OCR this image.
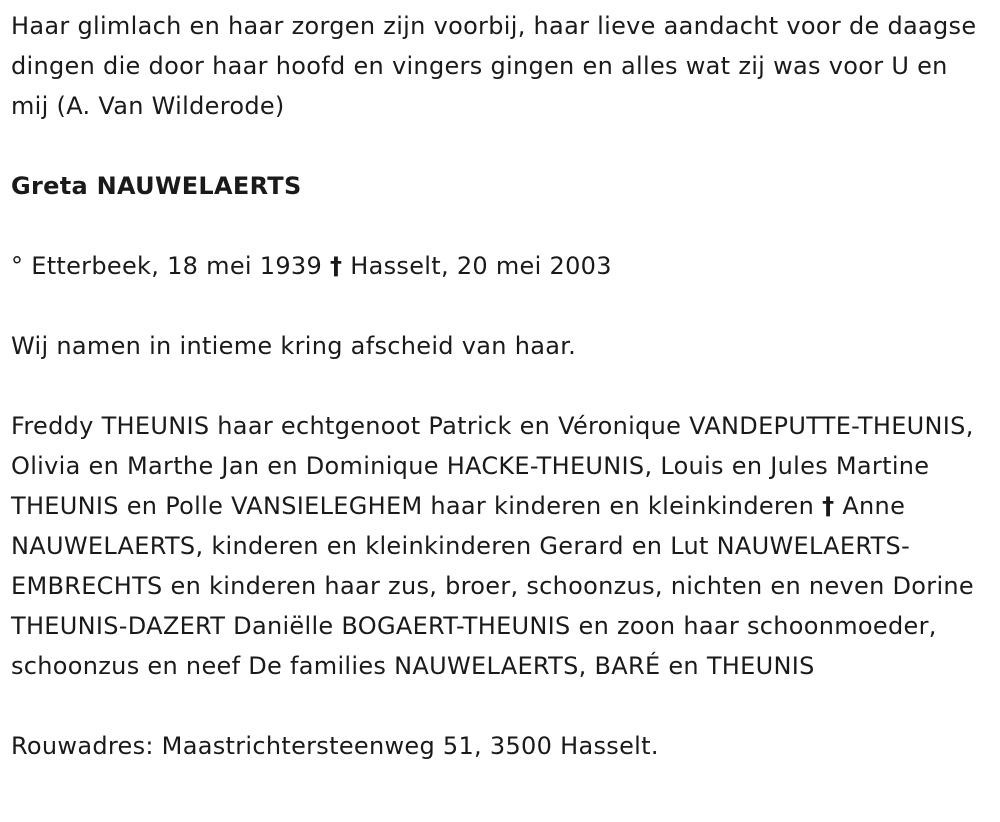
Haar glimlach en haar zorgen zijn voorbij, haar lieve aandacht voor de daagse dingen die door haar hoofd en vingers gingen en alles wat zij was voor U en mij (A. Van Wilderode)

Greta NAUWELAERTS

° Etterbeek, 18 mei 1939 † Hasselt, 20 mei 2003

Wij namen in intieme kring afscheid van haar.

Freddy THEUNIS haar echtgenoot Patrick en Véronique VANDEPUTTE-THEUNIS, Olivia en Marthe Jan en Dominique HACKE-THEUNIS, Louis en Jules Martine THEUNIS en Polle VANSIELEGHEM haar kinderen en kleinkinderen † Anne NAUWELAERTS, kinderen en kleinkinderen Gerard en Lut NAUWELAERTS-EMBRECHTS en kinderen haar zus, broer, schoonzus, nichten en neven Dorine THEUNIS-DAZERT Daniëlle BOGAERT-THEUNIS en zoon haar schoonmoeder, schoonzus en neef De families NAUWELAERTS, BARÉ en THEUNIS

Rouwadres: Maastrichtersteenweg 51, 3500 Hasselt.
